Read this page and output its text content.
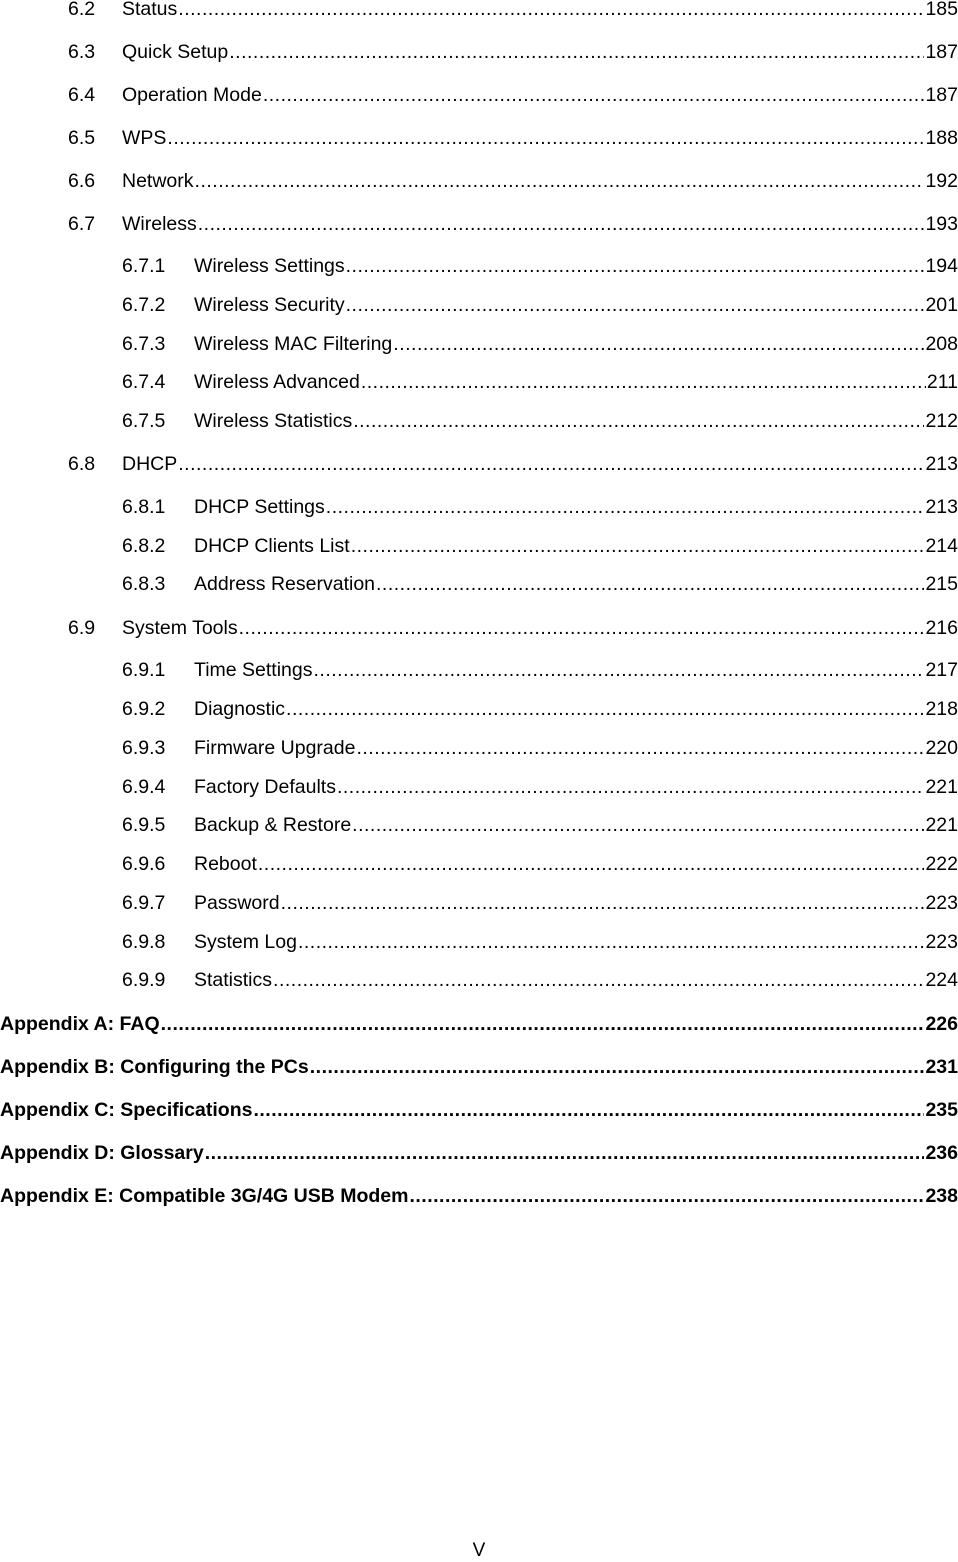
6.2 Status .....	185
6.3 Quick Setup .....	187
6.4 Operation Mode .....	187
6.5 WPS .....	188
6.6 Network .....	192
6.7 Wireless .....	193
6.7.1 Wireless Settings .....	194
6.7.2 Wireless Security .....	201
6.7.3 Wireless MAC Filtering .....	208
6.7.4 Wireless Advanced .....	211
6.7.5 Wireless Statistics .....	212
6.8 DHCP .....	213
6.8.1 DHCP Settings .....	213
6.8.2 DHCP Clients List .....	214
6.8.3 Address Reservation .....	215
6.9 System Tools .....	216
6.9.1 Time Settings .....	217
6.9.2 Diagnostic .....	218
6.9.3 Firmware Upgrade .....	220
6.9.4 Factory Defaults .....	221
6.9.5 Backup & Restore .....	221
6.9.6 Reboot .....	222
6.9.7 Password .....	223
6.9.8 System Log .....	223
6.9.9 Statistics .....	224
Appendix A: FAQ .....	226
Appendix B: Configuring the PCs .....	231
Appendix C: Specifications .....	235
Appendix D: Glossary .....	236
Appendix E: Compatible 3G/4G USB Modem .....	238
V
